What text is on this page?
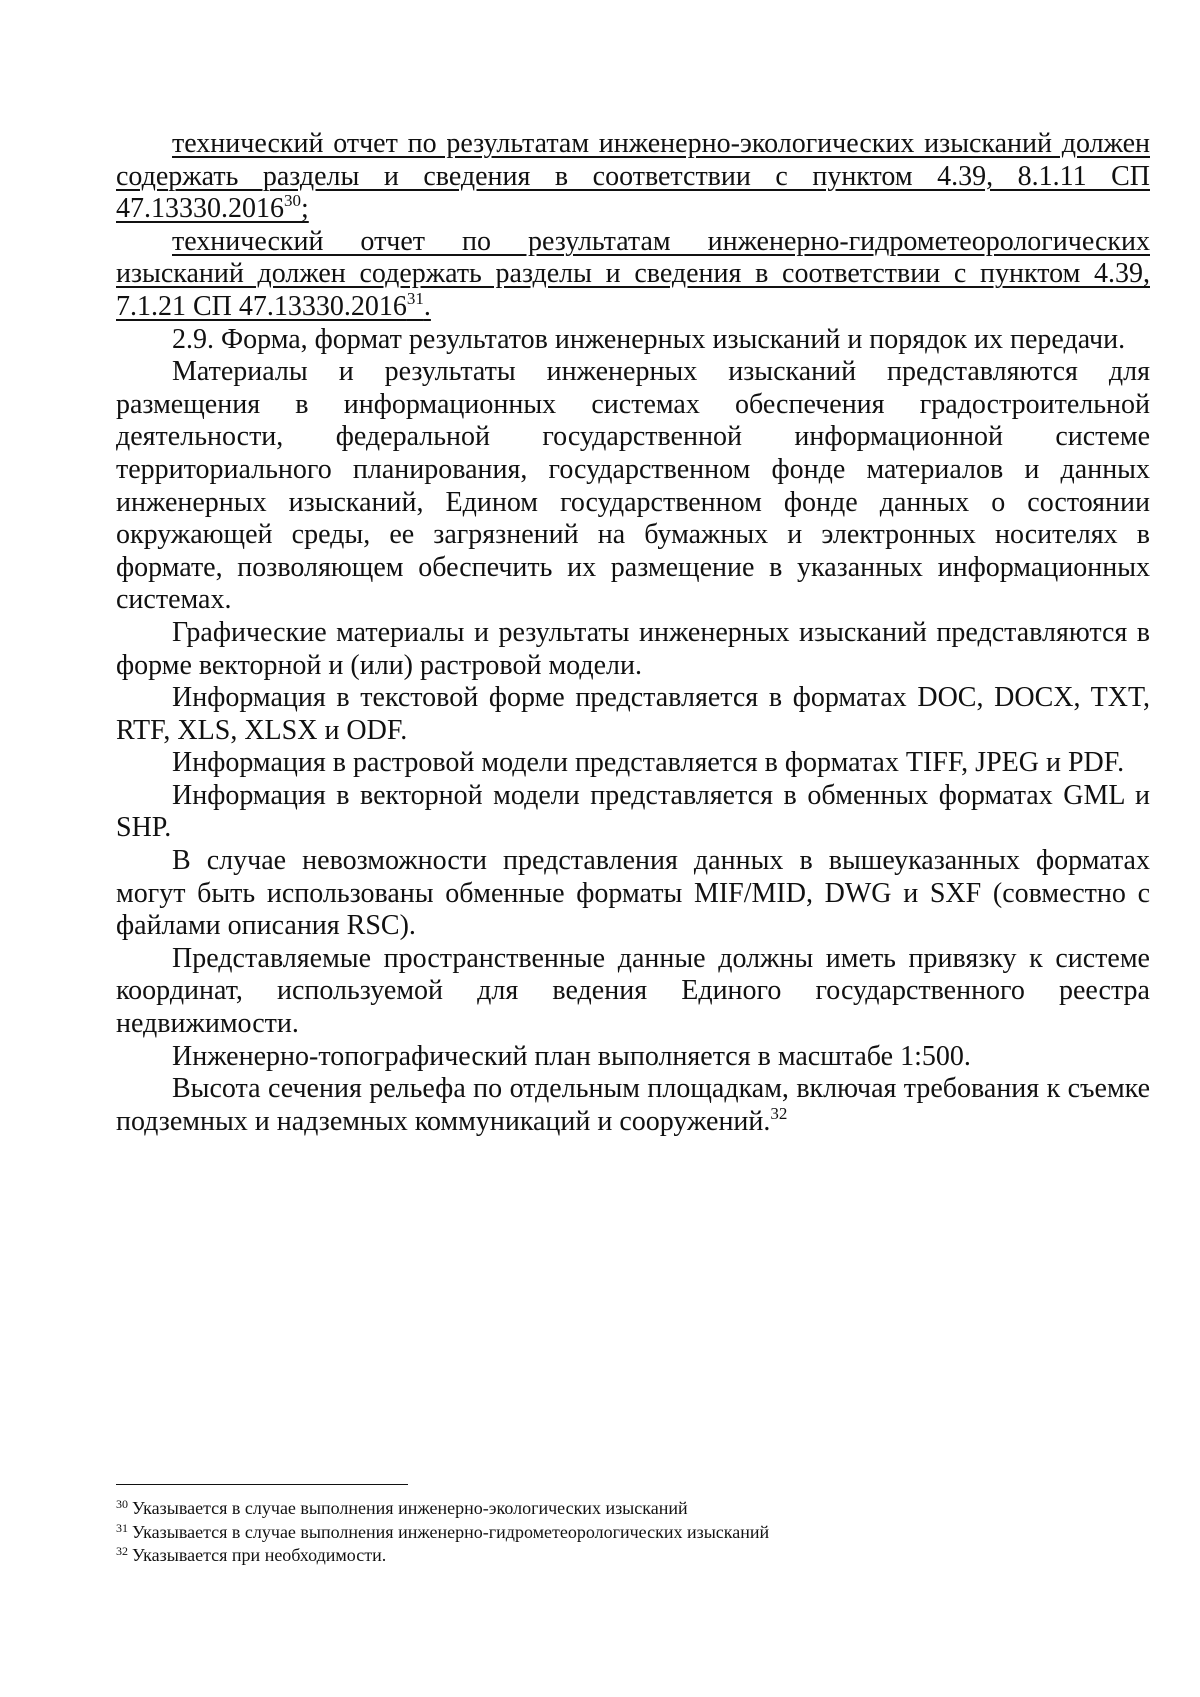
технический отчет по результатам инженерно-экологических изысканий должен содержать разделы и сведения в соответствии с пунктом 4.39, 8.1.11 СП 47.13330.2016$^{30}$;

технический отчет по результатам инженерно-гидрометеорологических изысканий должен содержать разделы и сведения в соответствии с пунктом 4.39, 7.1.21 СП 47.13330.2016$^{31}$.

2.9. Форма, формат результатов инженерных изысканий и порядок их передачи.

Материалы и результаты инженерных изысканий представляются для размещения в информационных системах обеспечения градостроительной деятельности, федеральной государственной информационной системе территориального планирования, государственном фонде материалов и данных инженерных изысканий, Едином государственном фонде данных о состоянии окружающей среды, ее загрязнений на бумажных и электронных носителях в формате, позволяющем обеспечить их размещение в указанных информационных системах.

Графические материалы и результаты инженерных изысканий представляются в форме векторной и (или) растровой модели.

Информация в текстовой форме представляется в форматах DOC, DOCX, TXT, RTF, XLS, XLSX и ODF.

Информация в растровой модели представляется в форматах TIFF, JPEG и PDF.

Информация в векторной модели представляется в обменных форматах GML и SHP.

В случае невозможности представления данных в вышеуказанных форматах могут быть использованы обменные форматы MIF/MID, DWG и SXF (совместно с файлами описания RSC).

Представляемые пространственные данные должны иметь привязку к системе координат, используемой для ведения Единого государственного реестра недвижимости.

Инженерно-топографический план выполняется в масштабе 1:500.

Высота сечения рельефа по отдельным площадкам, включая требования к съемке подземных и надземных коммуникаций и сооружений.$^{32}$

$^{30}$ Указывается в случае выполнения инженерно-экологических изысканий

$^{31}$ Указывается в случае выполнения инженерно-гидрометеорологических изысканий

$^{32}$ Указывается при необходимости.
